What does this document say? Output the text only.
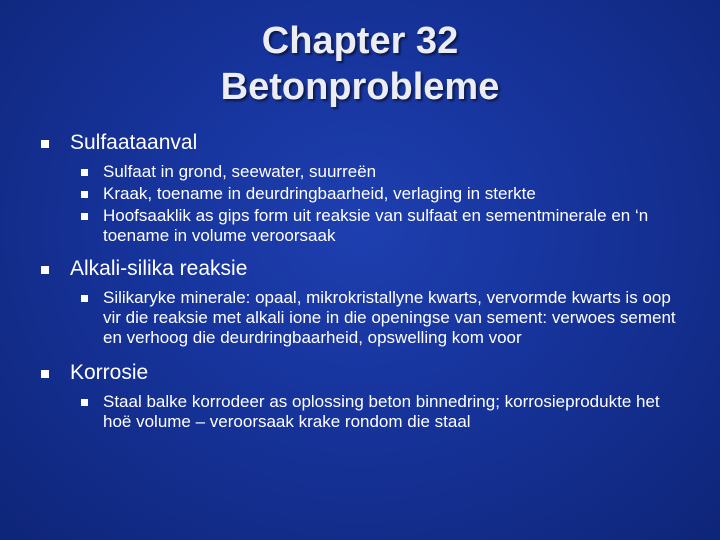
Chapter 32
Betonprobleme
Sulfaataanval
Sulfaat in grond, seewater, suurreën
Kraak, toename in deurdringbaarheid, verlaging in sterkte
Hoofsaaklik as gips form uit reaksie van sulfaat en sementminerale en ‘n toename in volume veroorsaak
Alkali-silika reaksie
Silikaryke minerale: opaal, mikrokristallyne kwarts, vervormde kwarts is oop vir die reaksie met alkali ione in die openingse van sement: verwoes sement en verhoog die deurdringbaarheid, opswelling kom voor
Korrosie
Staal balke korrodeer as oplossing beton binnedring; korrosieprodukte het hoë volume – veroorsaak krake rondom die staal
